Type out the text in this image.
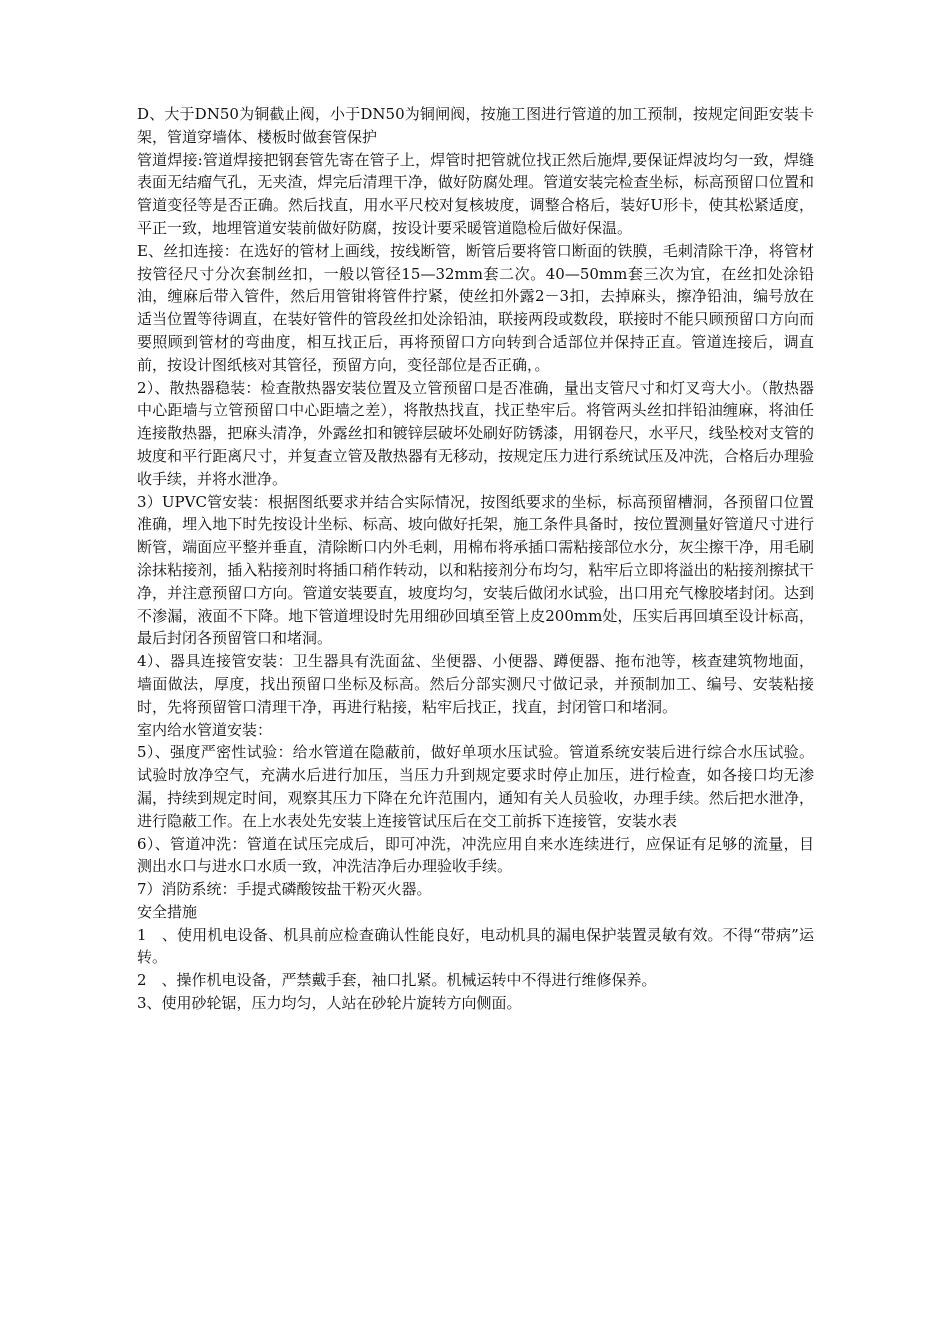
D、大于DN50为铜截止阀，小于DN50为铜闸阀，按施工图进行管道的加工预制，按规定间距安装卡架，管道穿墙体、楼板时做套管保护

管道焊接:管道焊接把钢套管先寄在管子上，焊管时把管就位找正然后施焊,要保证焊波均匀一致，焊缝表面无结瘤气孔，无夹渣，焊完后清理干净，做好防腐处理。管道安装完检查坐标，标高预留口位置和管道变径等是否正确。然后找直，用水平尺校对复核坡度，调整合格后，装好U形卡，使其松紧适度，平正一致，地埋管道安装前做好防腐，按设计要采暖管道隐检后做好保温。

E、丝扣连接：在选好的管材上画线，按线断管，断管后要将管口断面的铁膜，毛刺清除干净，将管材按管径尺寸分次套制丝扣，一般以管径15—32mm套二次。40—50mm套三次为宜，在丝扣处涂铅油，缠麻后带入管件，然后用管钳将管件拧紧，使丝扣外露2－3扣，去掉麻头，擦净铅油，编号放在适当位置等待调直，在装好管件的管段丝扣处涂铅油，联接两段或数段，联接时不能只顾预留口方向而要照顾到管材的弯曲度，相互找正后，再将预留口方向转到合适部位并保持正直。管道连接后，调直前，按设计图纸核对其管径，预留方向，变径部位是否正确，。

2）、散热器稳装：检查散热器安装位置及立管预留口是否准确，量出支管尺寸和灯叉弯大小。（散热器中心距墙与立管预留口中心距墙之差），将散热找直，找正垫牢后。将管两头丝扣拌铅油缠麻，将油任连接散热器，把麻头清净，外露丝扣和镀锌层破坏处刷好防锈漆，用钢卷尺，水平尺，线坠校对支管的坡度和平行距离尺寸，并复查立管及散热器有无移动，按规定压力进行系统试压及冲洗，合格后办理验收手续，并将水泄净。

3）UPVC管安装：根据图纸要求并结合实际情况，按图纸要求的坐标，标高预留槽洞，各预留口位置准确，埋入地下时先按设计坐标、标高、坡向做好托架，施工条件具备时，按位置测量好管道尺寸进行断管，端面应平整并垂直，清除断口内外毛刺，用棉布将承插口需粘接部位水分，灰尘擦干净，用毛刷涂抹粘接剂，插入粘接剂时将插口稍作转动，以和粘接剂分布均匀，粘牢后立即将溢出的粘接剂擦拭干净，并注意预留口方向。管道安装要直，坡度均匀，安装后做闭水试验，出口用充气橡胶堵封闭。达到不渗漏，液面不下降。地下管道埋设时先用细砂回填至管上皮200mm处，压实后再回填至设计标高，最后封闭各预留管口和堵洞。

4）、器具连接管安装：卫生器具有洗面盆、坐便器、小便器、蹲便器、拖布池等，核查建筑物地面，墙面做法，厚度，找出预留口坐标及标高。然后分部实测尺寸做记录，并预制加工、编号、安装粘接时，先将预留管口清理干净，再进行粘接，粘牢后找正，找直，封闭管口和堵洞。

室内给水管道安装：

5）、强度严密性试验：给水管道在隐蔽前，做好单项水压试验。管道系统安装后进行综合水压试验。试验时放净空气，充满水后进行加压，当压力升到规定要求时停止加压，进行检查，如各接口均无渗漏，持续到规定时间，观察其压力下降在允许范围内，通知有关人员验收，办理手续。然后把水泄净，进行隐蔽工作。在上水表处先安装上连接管试压后在交工前拆下连接管，安装水表

6）、管道冲洗：管道在试压完成后，即可冲洗，冲洗应用自来水连续进行，应保证有足够的流量，目测出水口与进水口水质一致，冲洗洁净后办理验收手续。

7）消防系统：手提式磷酸铵盐干粉灭火器。

安全措施

1　、使用机电设备、机具前应检查确认性能良好，电动机具的漏电保护装置灵敏有效。不得“带病”运转。

2　、操作机电设备，严禁戴手套，袖口扎紧。机械运转中不得进行维修保养。

3、使用砂轮锯，压力均匀，人站在砂轮片旋转方向侧面。
